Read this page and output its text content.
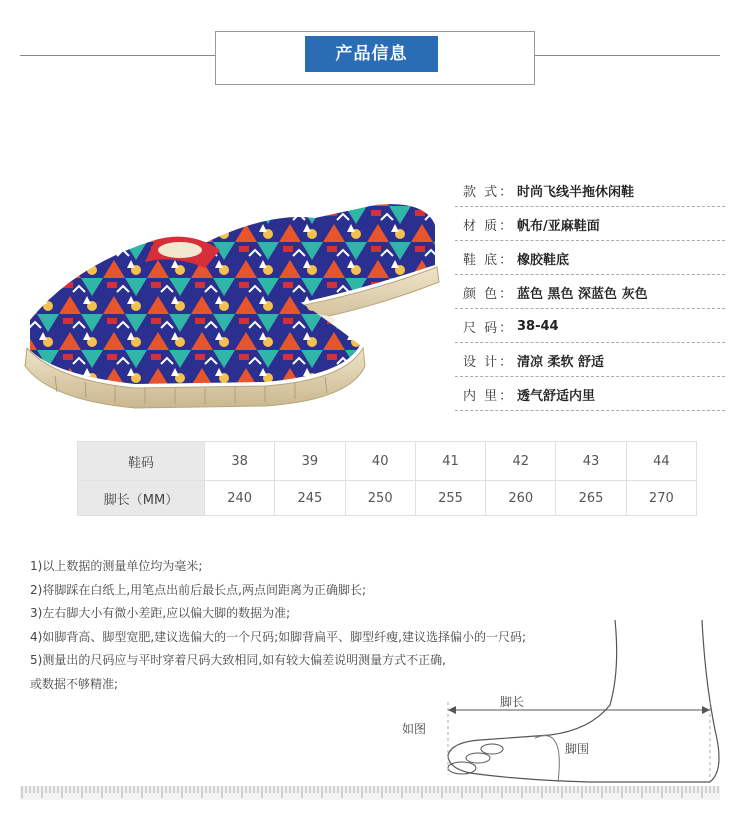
产品信息
款 式： 时尚飞线半拖休闲鞋
材 质： 帆布/亚麻鞋面
鞋 底： 橡胶鞋底
颜 色： 蓝色 黑色 深蓝色 灰色
尺 码： 38-44
设 计： 清凉 柔软 舒适
内 里： 透气舒适内里
鞋码	38	39	40	41	42	43	44
脚长（MM）	240	245	250	255	260	265	270
1)以上数据的测量单位均为毫米;
2)将脚踩在白纸上,用笔点出前后最长点,两点间距离为正确脚长;
3)左右脚大小有微小差距,应以偏大脚的数据为准;
4)如脚背高、脚型宽肥,建议选偏大的一个尺码;如脚背扁平、脚型纤瘦,建议选择偏小的一尺码;
5)测量出的尺码应与平时穿着尺码大致相同,如有较大偏差说明测量方式不正确,
或数据不够精准;
如图
脚长
脚围
